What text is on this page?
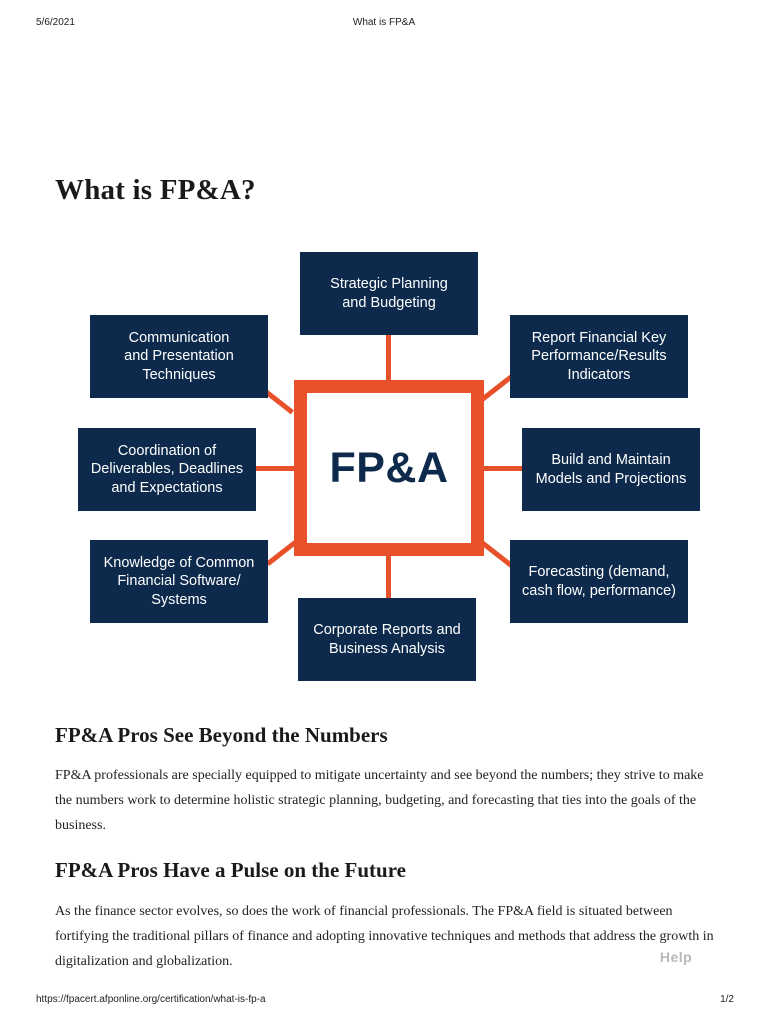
5/6/2021	What is FP&A
What is FP&A?
FP&A
Strategic Planning
and Budgeting
Communication
and Presentation
Techniques
Report Financial Key
Performance/Results
Indicators
Coordination of
Deliverables, Deadlines
and Expectations
Build and Maintain
Models and Projections
Knowledge of Common
Financial Software/
Systems
Forecasting (demand,
cash flow, performance)
Corporate Reports and
Business Analysis
FP&A Pros See Beyond the Numbers

FP&A professionals are specially equipped to mitigate uncertainty and see beyond the numbers; they strive to make the numbers work to determine holistic strategic planning, budgeting, and forecasting that ties into the goals of the business.

FP&A Pros Have a Pulse on the Future

As the finance sector evolves, so does the work of financial professionals. The FP&A field is situated between fortifying the traditional pillars of finance and adopting innovative techniques and methods that address the growth in digitalization and globalization.	Help
https://fpacert.afponline.org/certification/what-is-fp-a	1/2
